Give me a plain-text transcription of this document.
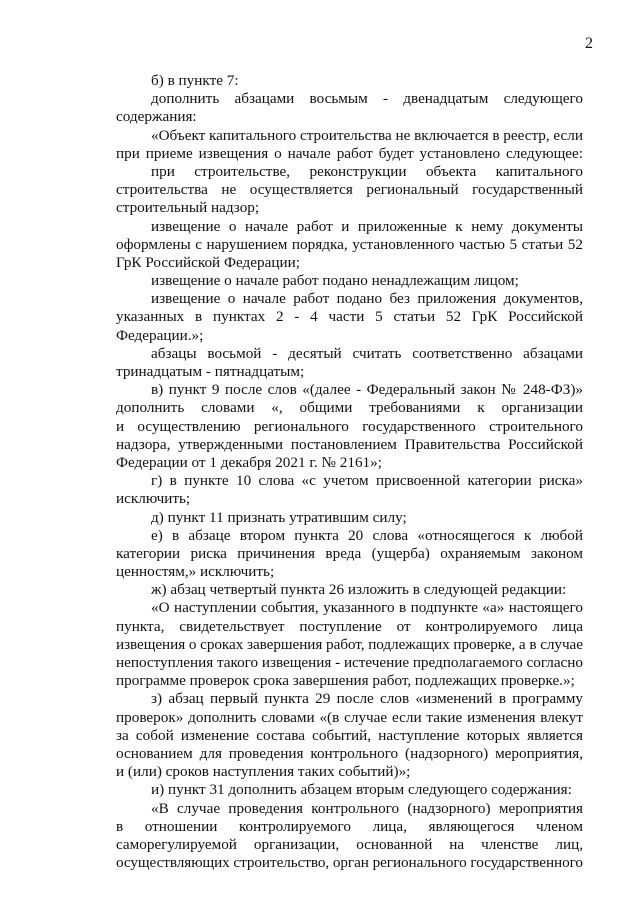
2
б) в пункте 7:
дополнить абзацами восьмым - двенадцатым следующего
содержания:
«Объект капитального строительства не включается в реестр, если
при приеме извещения о начале работ будет установлено следующее:
при строительстве, реконструкции объекта капитального
строительства не осуществляется региональный государственный
строительный надзор;
извещение о начале работ и приложенные к нему документы
оформлены с нарушением порядка, установленного частью 5 статьи 52
ГрК Российской Федерации;
извещение о начале работ подано ненадлежащим лицом;
извещение о начале работ подано без приложения документов,
указанных в пунктах 2 - 4 части 5 статьи 52 ГрК Российской
Федерации.»;
абзацы восьмой - десятый считать соответственно абзацами
тринадцатым - пятнадцатым;
в) пункт 9 после слов «(далее - Федеральный закон № 248-ФЗ)»
дополнить словами «, общими требованиями к организации
и осуществлению регионального государственного строительного
надзора, утвержденными постановлением Правительства Российской
Федерации от 1 декабря 2021 г. № 2161»;
г) в пункте 10 слова «с учетом присвоенной категории риска»
исключить;
д) пункт 11 признать утратившим силу;
е) в абзаце втором пункта 20 слова «относящегося к любой
категории риска причинения вреда (ущерба) охраняемым законом
ценностям,» исключить;
ж) абзац четвертый пункта 26 изложить в следующей редакции:
«О наступлении события, указанного в подпункте «а» настоящего
пункта, свидетельствует поступление от контролируемого лица
извещения о сроках завершения работ, подлежащих проверке, а в случае
непоступления такого извещения - истечение предполагаемого согласно
программе проверок срока завершения работ, подлежащих проверке.»;
з) абзац первый пункта 29 после слов «изменений в программу
проверок» дополнить словами «(в случае если такие изменения влекут
за собой изменение состава событий, наступление которых является
основанием для проведения контрольного (надзорного) мероприятия,
и (или) сроков наступления таких событий)»;
и) пункт 31 дополнить абзацем вторым следующего содержания:
«В случае проведения контрольного (надзорного) мероприятия
в отношении контролируемого лица, являющегося членом
саморегулируемой организации, основанной на членстве лиц,
осуществляющих строительство, орган регионального государственного
